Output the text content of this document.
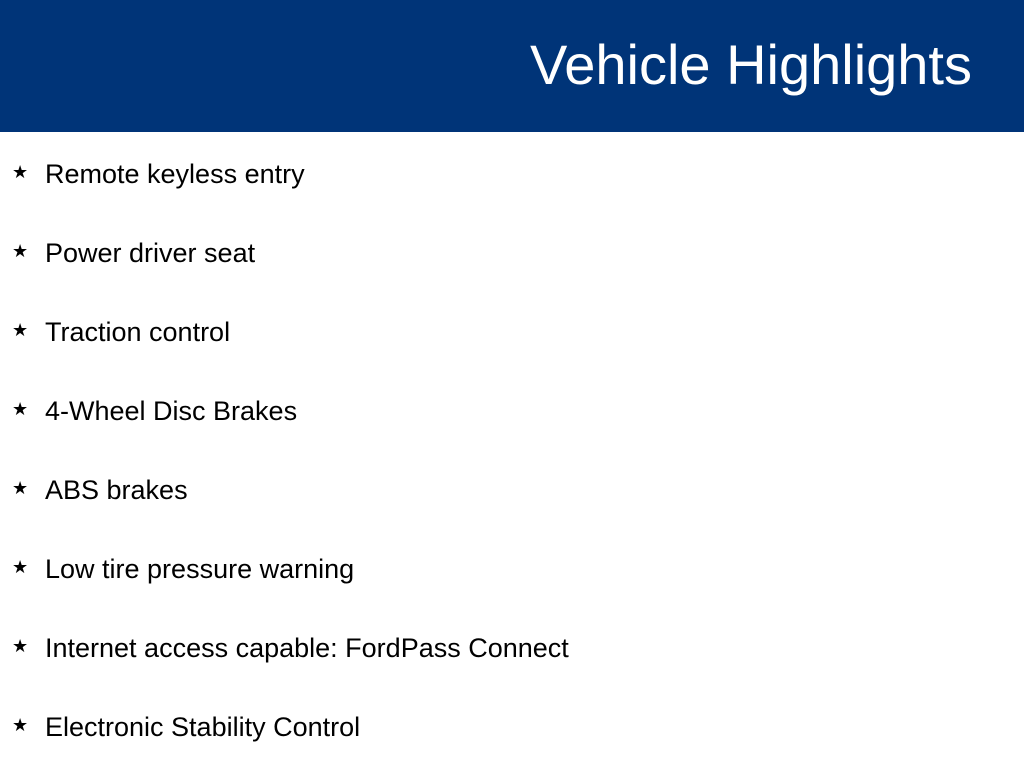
Vehicle Highlights
★ Remote keyless entry
★ Power driver seat
★ Traction control
★ 4-Wheel Disc Brakes
★ ABS brakes
★ Low tire pressure warning
★ Internet access capable: FordPass Connect
★ Electronic Stability Control
